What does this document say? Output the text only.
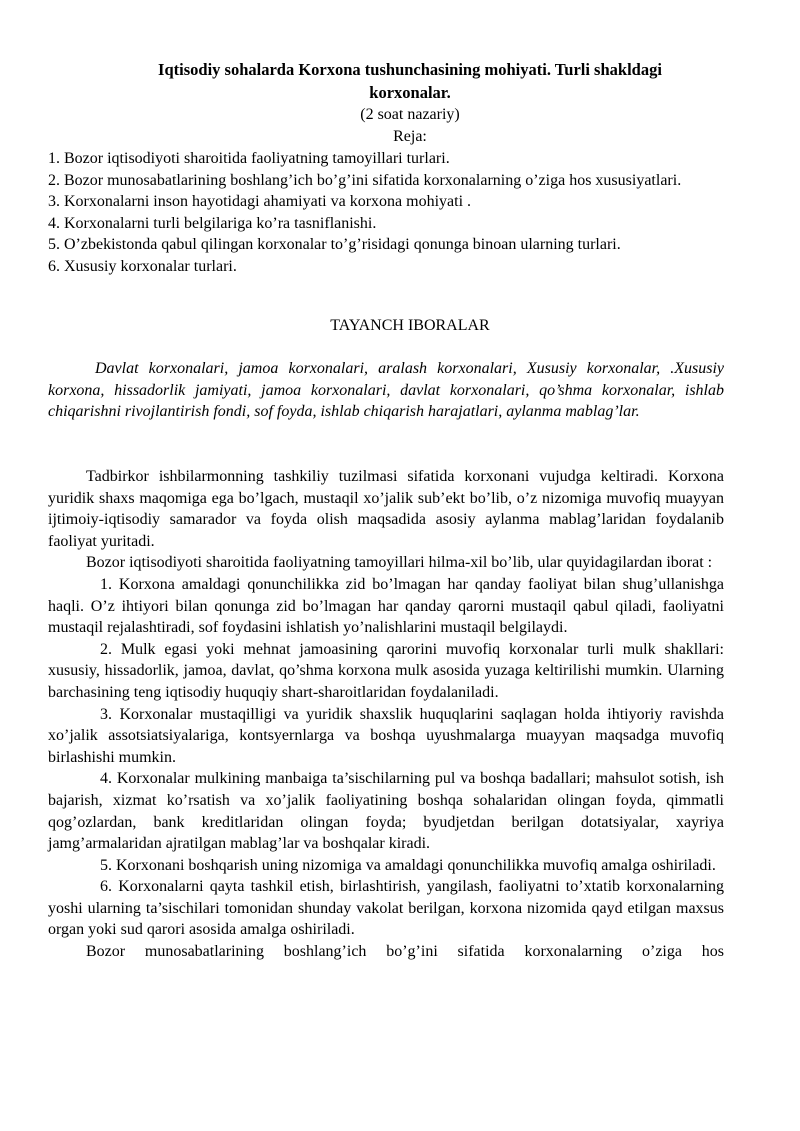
Iqtisodiy sohalarda Korxona tushunchasining mohiyati. Turli shakldagi
korxonalar.
(2 soat nazariy)
Reja:
1. Bozor iqtisodiyoti sharoitida faoliyatning tamoyillari turlari.
2. Bozor munosabatlarining boshlang’ich bo’g’ini sifatida korxonalarning o’ziga hos xususiyatlari.
3. Korxonalarni inson hayotidagi ahamiyati va korxona mohiyati .
4. Korxonalarni turli belgilariga ko’ra tasniflanishi.
5. O’zbekistonda qabul qilingan korxonalar to’g’risidagi qonunga binoan ularning turlari.
6. Xususiy korxonalar turlari.
TAYANCH IBORALAR
Davlat korxonalari, jamoa korxonalari, aralash korxonalari, Xususiy korxonalar, .Xususiy korxona, hissadorlik jamiyati, jamoa korxonalari, davlat korxonalari, qo’shma korxonalar, ishlab chiqarishni rivojlantirish fondi, sof foyda, ishlab chiqarish harajatlari, aylanma mablag’lar.

Tadbirkor ishbilarmonning tashkiliy tuzilmasi sifatida korxonani vujudga keltiradi. Korxona yuridik shaxs maqomiga ega bo’lgach, mustaqil xo’jalik sub’ekt bo’lib, o’z nizomiga muvofiq muayyan ijtimoiy-iqtisodiy samarador va foyda olish maqsadida asosiy aylanma mablag’laridan foydalanib faoliyat yuritadi.

Bozor iqtisodiyoti sharoitida faoliyatning tamoyillari hilma-xil bo’lib, ular quyidagilardan iborat :

1. Korxona amaldagi qonunchilikka zid bo’lmagan har qanday faoliyat bilan shug’ullanishga haqli. O’z ihtiyori bilan qonunga zid bo’lmagan har qanday qarorni mustaqil qabul qiladi, faoliyatni mustaqil rejalashtiradi, sof foydasini ishlatish yo’nalishlarini mustaqil belgilaydi.

2. Mulk egasi yoki mehnat jamoasining qarorini muvofiq korxonalar turli mulk shakllari: xususiy, hissadorlik, jamoa, davlat, qo’shma korxona mulk asosida yuzaga keltirilishi mumkin. Ularning barchasining teng iqtisodiy huquqiy shart-sharoitlaridan foydalaniladi.

3. Korxonalar mustaqilligi va yuridik shaxslik huquqlarini saqlagan holda ihtiyoriy ravishda xo’jalik assotsiatsiyalariga, kontsyernlarga va boshqa uyushmalarga muayyan maqsadga muvofiq birlashishi mumkin.

4. Korxonalar mulkining manbaiga ta’sischilarning pul va boshqa badallari; mahsulot sotish, ish bajarish, xizmat ko’rsatish va xo’jalik faoliyatining boshqa sohalaridan olingan foyda, qimmatli qog’ozlardan, bank kreditlaridan olingan foyda; byudjetdan berilgan dotatsiyalar, xayriya jamg’armalaridan ajratilgan mablag’lar va boshqalar kiradi.

5. Korxonani boshqarish uning nizomiga va amaldagi qonunchilikka muvofiq amalga oshiriladi.

6. Korxonalarni qayta tashkil etish, birlashtirish, yangilash, faoliyatni to’xtatib korxonalarning yoshi ularning ta’sischilari tomonidan shunday vakolat berilgan, korxona nizomida qayd etilgan maxsus organ yoki sud qarori asosida amalga oshiriladi.

Bozor munosabatlarining boshlang’ich bo’g’ini sifatida korxonalarning o’ziga hos
